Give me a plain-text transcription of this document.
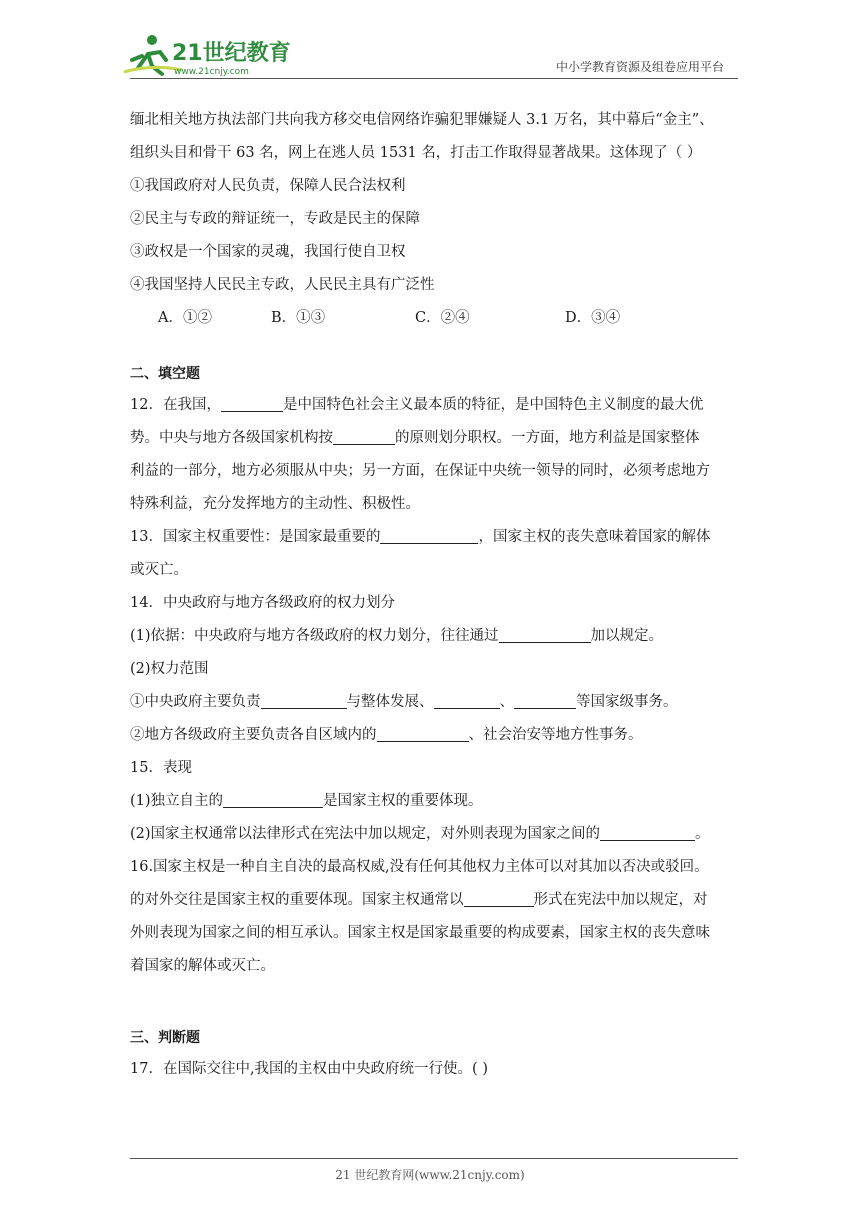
21世纪教育
www.21cnjy.com	中小学教育资源及组卷应用平台
缅北相关地方执法部门共向我方移交电信网络诈骗犯罪嫌疑人 3.1 万名，其中幕后“金主”、
组织头目和骨干 63 名，网上在逃人员 1531 名，打击工作取得显著战果。这体现了（ ）
①我国政府对人民负责，保障人民合法权利
②民主与专政的辩证统一，专政是民主的保障
③政权是一个国家的灵魂，我国行使自卫权
④我国坚持人民民主专政，人民民主具有广泛性
A．①②	B．①③	C．②④	D．③④
二、填空题
12．在我国，	是中国特色社会主义最本质的特征，是中国特色主义制度的最大优
势。中央与地方各级国家机构按	的原则划分职权。一方面，地方利益是国家整体
利益的一部分，地方必须服从中央；另一方面，在保证中央统一领导的同时，必须考虑地方
特殊利益，充分发挥地方的主动性、积极性。
13．国家主权重要性：是国家最重要的	，国家主权的丧失意味着国家的解体
或灭亡。
14．中央政府与地方各级政府的权力划分
(1)依据：中央政府与地方各级政府的权力划分，往往通过	加以规定。
(2)权力范围
①中央政府主要负责	与整体发展、	、	等国家级事务。
②地方各级政府主要负责各自区域内的	、社会治安等地方性事务。
15．表现
(1)独立自主的	是国家主权的重要体现。
(2)国家主权通常以法律形式在宪法中加以规定，对外则表现为国家之间的	。
16.国家主权是一种自主自决的最高权威,没有任何其他权力主体可以对其加以否决或驳回。
的对外交往是国家主权的重要体现。国家主权通常以	形式在宪法中加以规定，对
外则表现为国家之间的相互承认。国家主权是国家最重要的构成要素，国家主权的丧失意味
着国家的解体或灭亡。
三、判断题
17．在国际交往中,我国的主权由中央政府统一行使。( )
21 世纪教育网(www.21cnjy.com)
